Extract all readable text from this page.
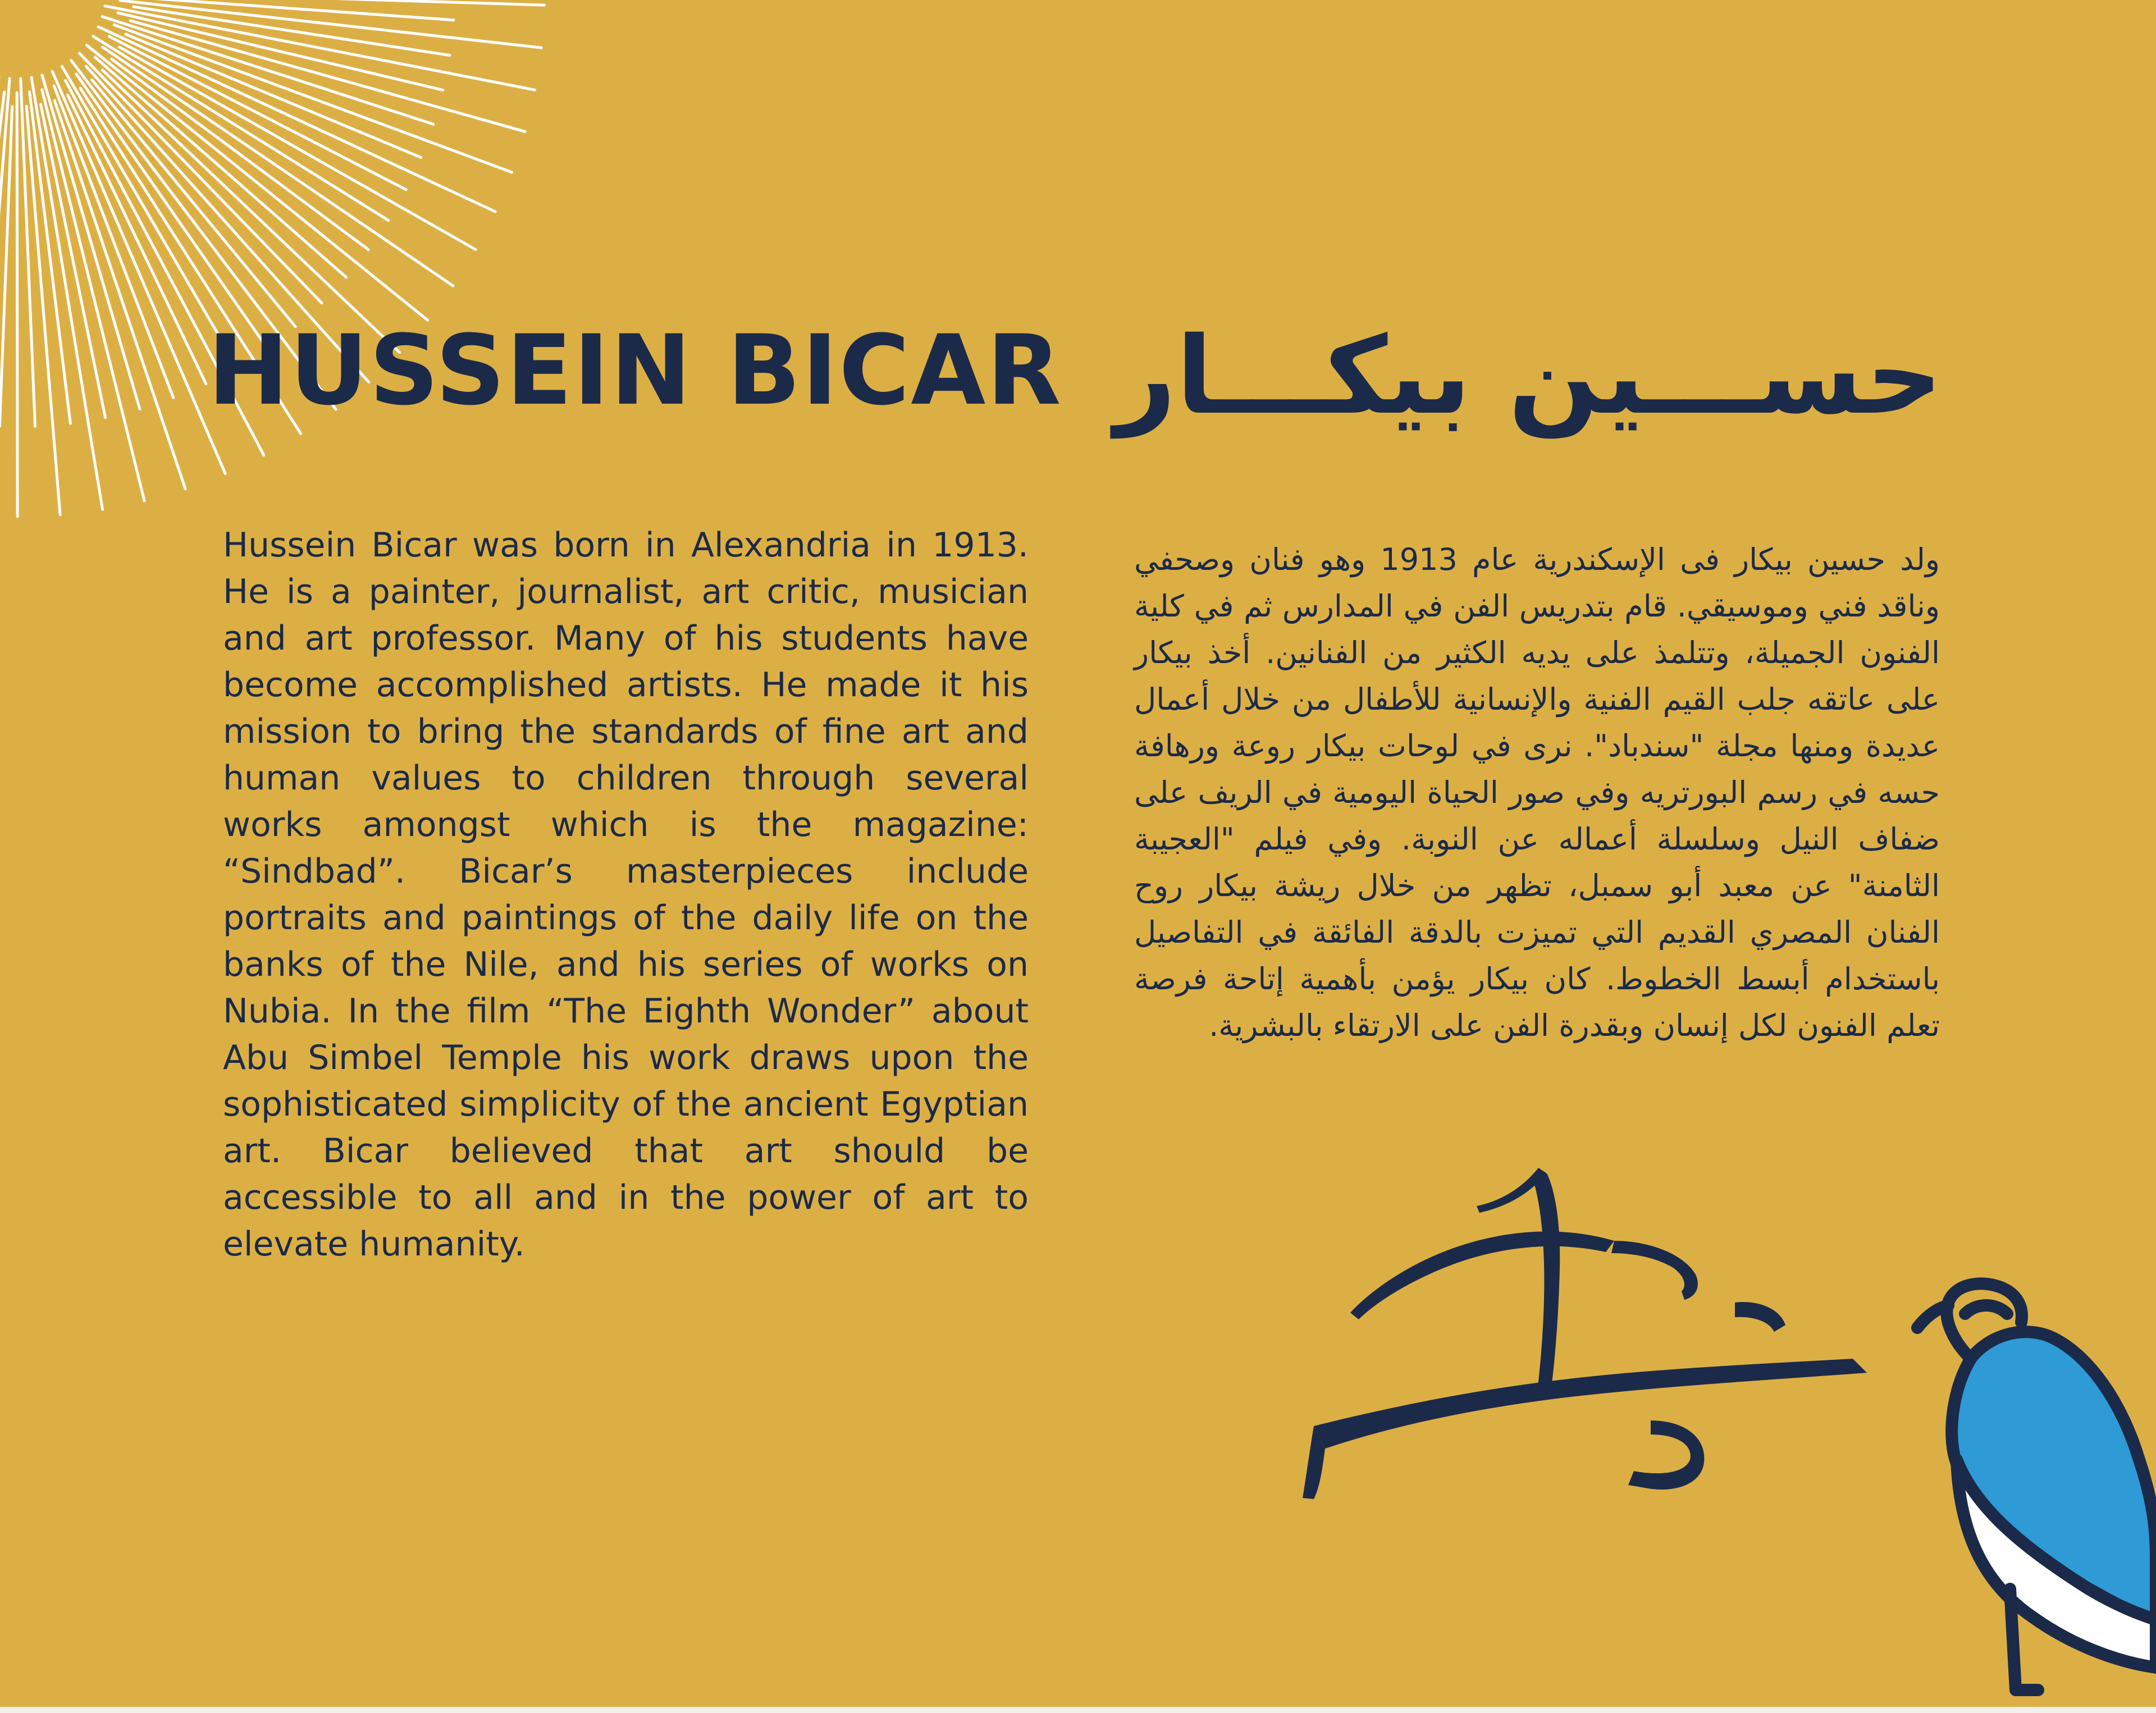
HUSSEIN BICAR حســـين بيكـــار

Hussein Bicar was born in Alexandria in 1913. He is a painter, journalist, art critic, musician and art professor. Many of his students have become accomplished artists. He made it his mission to bring the standards of fine art and human values to children through several works amongst which is the magazine: “Sindbad”. Bicar’s masterpieces include portraits and paintings of the daily life on the banks of the Nile, and his series of works on Nubia. In the film “The Eighth Wonder” about Abu Simbel Temple his work draws upon the sophisticated simplicity of the ancient Egyptian art. Bicar believed that art should be accessible to all and in the power of art to elevate humanity.

ولد حسين بيكار فى الإسكندرية عام 1913 وهو فنان وصحفي وناقد فني وموسيقي. قام بتدريس الفن في المدارس ثم في كلية الفنون الجميلة، وتتلمذ على يديه الكثير من الفنانين. أخذ بيكار على عاتقه جلب القيم الفنية والإنسانية للأطفال من خلال أعمال عديدة ومنها مجلة "سندباد". نرى في لوحات بيكار روعة ورهافة حسه في رسم البورتريه وفي صور الحياة اليومية في الريف على ضفاف النيل وسلسلة أعماله عن النوبة. وفي فيلم "العجيبة الثامنة" عن معبد أبو سمبل، تظهر من خلال ريشة بيكار روح الفنان المصري القديم التي تميزت بالدقة الفائقة في التفاصيل باستخدام أبسط الخطوط. كان بيكار يؤمن بأهمية إتاحة فرصة تعلم الفنون لكل إنسان وبقدرة الفن على الارتقاء بالبشرية.
